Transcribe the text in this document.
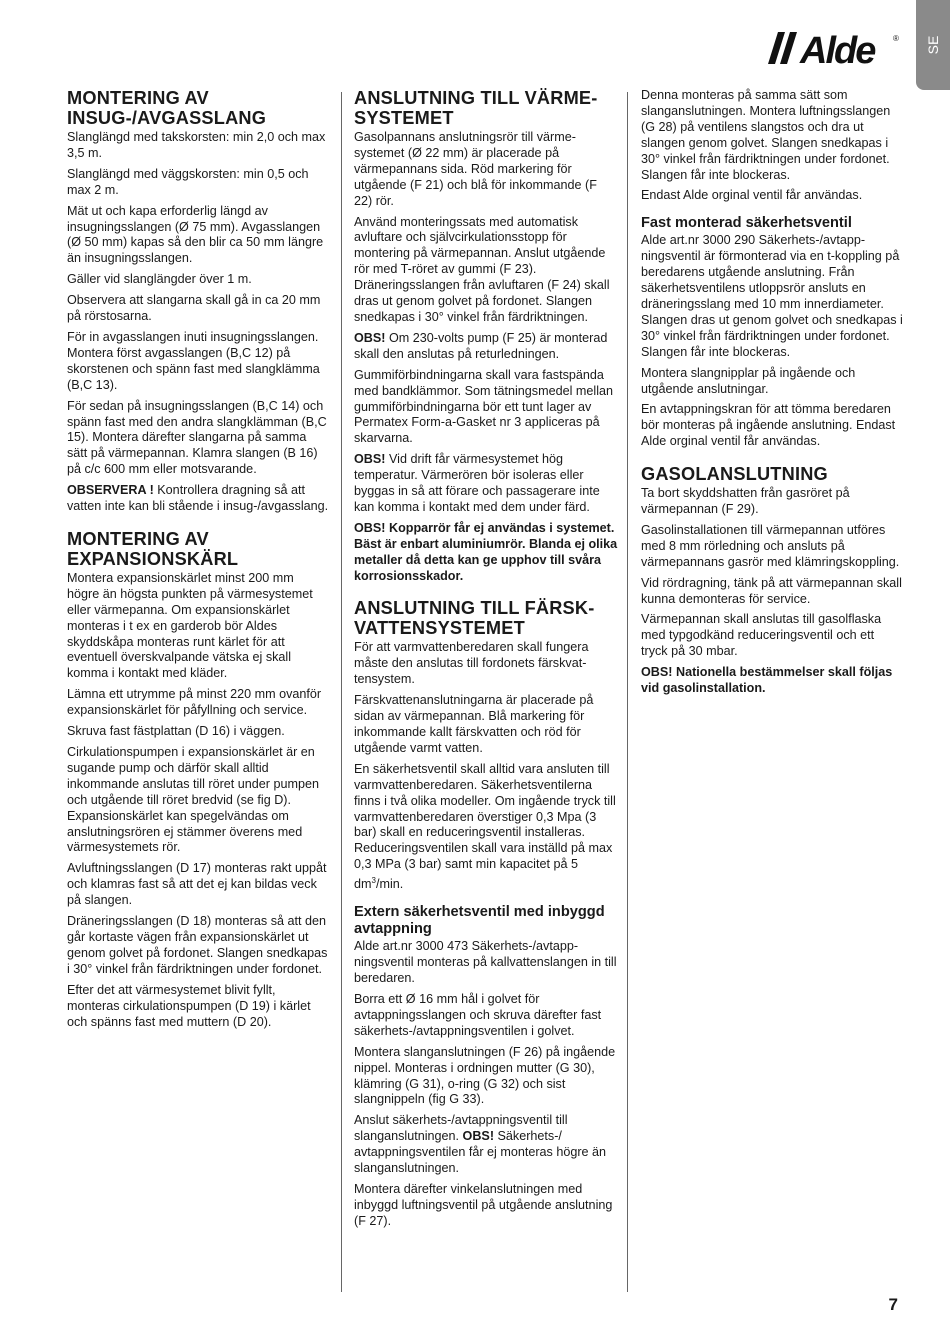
SE
Alde ®
MONTERING AV INSUG-/AVGASSLANG

Slanglängd med takskorsten: min 2,0 och max 3,5 m.

Slanglängd med väggskorsten: min 0,5 och max 2 m.

Mät ut och kapa erforderlig längd av insugningsslangen (Ø 75 mm). Avgasslangen (Ø 50 mm) kapas så den blir ca 50 mm längre än insugningsslangen.

Gäller vid slanglängder över 1 m.

Observera att slangarna skall gå in ca 20 mm på rörstosarna.

För in avgasslangen inuti insugningsslangen. Montera först avgasslangen (B,C 12) på skorstenen och spänn fast med slangklämma (B,C 13).

För sedan på insugningsslangen (B,C 14) och spänn fast med den andra slangklämman (B,C 15). Montera därefter slangarna på samma sätt på värmepannan. Klamra slangen (B 16) på c/c 600 mm eller motsvarande.

OBSERVERA ! Kontrollera dragning så att vatten inte kan bli stående i insug-/avgasslang.

MONTERING AV EXPANSIONSKÄRL

Montera expansionskärlet minst 200 mm högre än högsta punkten på värmesystemet eller värmepanna. Om expansionskärlet monteras i t ex en garderob bör Aldes skyddskåpa monteras runt kärlet för att eventuell överskvalpande vätska ej skall komma i kontakt med kläder.

Lämna ett utrymme på minst 220 mm ovanför expansionskärlet för påfyllning och service.

Skruva fast fästplattan (D 16) i väggen.

Cirkulationspumpen i expansionskärlet är en sugande pump och därför skall alltid inkommande anslutas till röret under pumpen och utgående till röret bredvid (se fig D). Expansionskärlet kan spegelvändas om anslutningsrören ej stämmer överens med värmesystemets rör.

Avluftningsslangen (D 17) monteras rakt uppåt och klamras fast så att det ej kan bildas veck på slangen.

Dräneringsslangen (D 18) monteras så att den går kortaste vägen från expansionskärlet ut genom golvet på fordonet. Slangen snedkapas i 30° vinkel från färdriktningen under fordonet.

Efter det att värmesystemet blivit fyllt, monteras cirkulationspumpen (D 19) i kärlet och spänns fast med muttern (D 20).

ANSLUTNING TILL VÄRMESYSTEMET

Gasolpannans anslutningsrör till värmesystemet (Ø 22 mm) är placerade på värmepannans sida. Röd markering för utgående (F 21) och blå för inkommande (F 22) rör.

Använd monteringssats med automatisk avluftare och självcirkulationsstopp för montering på värmepannan. Anslut utgående rör med T-röret av gummi (F 23). Dräneringsslangen från avluftaren (F 24) skall dras ut genom golvet på fordonet. Slangen snedkapas i 30° vinkel från färdriktningen.

OBS! Om 230-volts pump (F 25) är monterad skall den anslutas på returledningen.

Gummiförbindningarna skall vara fastspända med bandklämmor. Som tätningsmedel mellan gummiförbindningarna bör ett tunt lager av Permatex Form-a-Gasket nr 3 appliceras på skarvarna.

OBS! Vid drift får värmesystemet hög temperatur. Värmerören bör isoleras eller byggas in så att förare och passagerare inte kan komma i kontakt med dem under färd.

OBS! Kopparrör får ej användas i systemet. Bäst är enbart aluminiumrör. Blanda ej olika metaller då detta kan ge upphov till svåra korrosionsskador.

ANSLUTNING TILL FÄRSKVATTENSYSTEMET

För att varmvattenberedaren skall fungera måste den anslutas till fordonets färskvattensystem.

Färskvattenanslutningarna är placerade på sidan av värmepannan. Blå markering för inkommande kallt färskvatten och röd för utgående varmt vatten.

En säkerhetsventil skall alltid vara ansluten till varmvattenberedaren. Säkerhetsventilerna finns i två olika modeller. Om ingående tryck till varmvattenberedaren överstiger 0,3 Mpa (3 bar) skall en reduceringsventil installeras. Reduceringsventilen skall vara inställd på max 0,3 MPa (3 bar) samt min kapacitet på 5 $dm^3/\min$.

Extern säkerhetsventil med inbyggd avtappning

Alde art.nr 3000 473 Säkerhets-/avtappningsventil monteras på kallvattenslangen in till beredaren.

Borra ett Ø 16 mm hål i golvet för avtappningsslangen och skruva därefter fast säkerhets-/avtappningsventilen i golvet.

Montera slanganslutningen (F 26) på ingående nippel. Monteras i ordningen mutter (G 30), klämring (G 31), o-ring (G 32) och sist slangnippeln (fig G 33).

Anslut säkerhets-/avtappningsventil till slanganslutningen. OBS! Säkerhets-/ avtappningsventilen får ej monteras högre än slanganslutningen.

Montera därefter vinkelanslutningen med inbyggd luftningsventil på utgående anslutning (F 27).

Denna monteras på samma sätt som slanganslutningen. Montera luftningsslangen (G 28) på ventilens slangstos och dra ut slangen genom golvet. Slangen snedkapas i 30° vinkel från färdriktningen under fordonet. Slangen får inte blockeras.

Endast Alde orginal ventil får användas.

Fast monterad säkerhetsventil

Alde art.nr 3000 290 Säkerhets-/avtappningsventil är förmonterad via en t-koppling på beredarens utgående anslutning. Från säkerhetsventilens utloppsrör ansluts en dräneringsslang med 10 mm innerdiameter. Slangen dras ut genom golvet och snedkapas i 30° vinkel från färdriktningen under fordonet. Slangen får inte blockeras.

Montera slangnipplar på ingående och utgående anslutningar.

En avtappningskran för att tömma beredaren bör monteras på ingående anslutning. Endast Alde orginal ventil får användas.

GASOLANSLUTNING

Ta bort skyddshatten från gasröret på värmepannan (F 29).

Gasolinstallationen till värmepannan utföres med 8 mm rörledning och ansluts på värmepannans gasrör med klämringskoppling.

Vid rördragning, tänk på att värmepannan skall kunna demonteras för service.

Värmepannan skall anslutas till gasolflaska med typgodkänd reduceringsventil och ett tryck på 30 mbar.

OBS! Nationella bestämmelser skall följas vid gasolinstallation.

7
